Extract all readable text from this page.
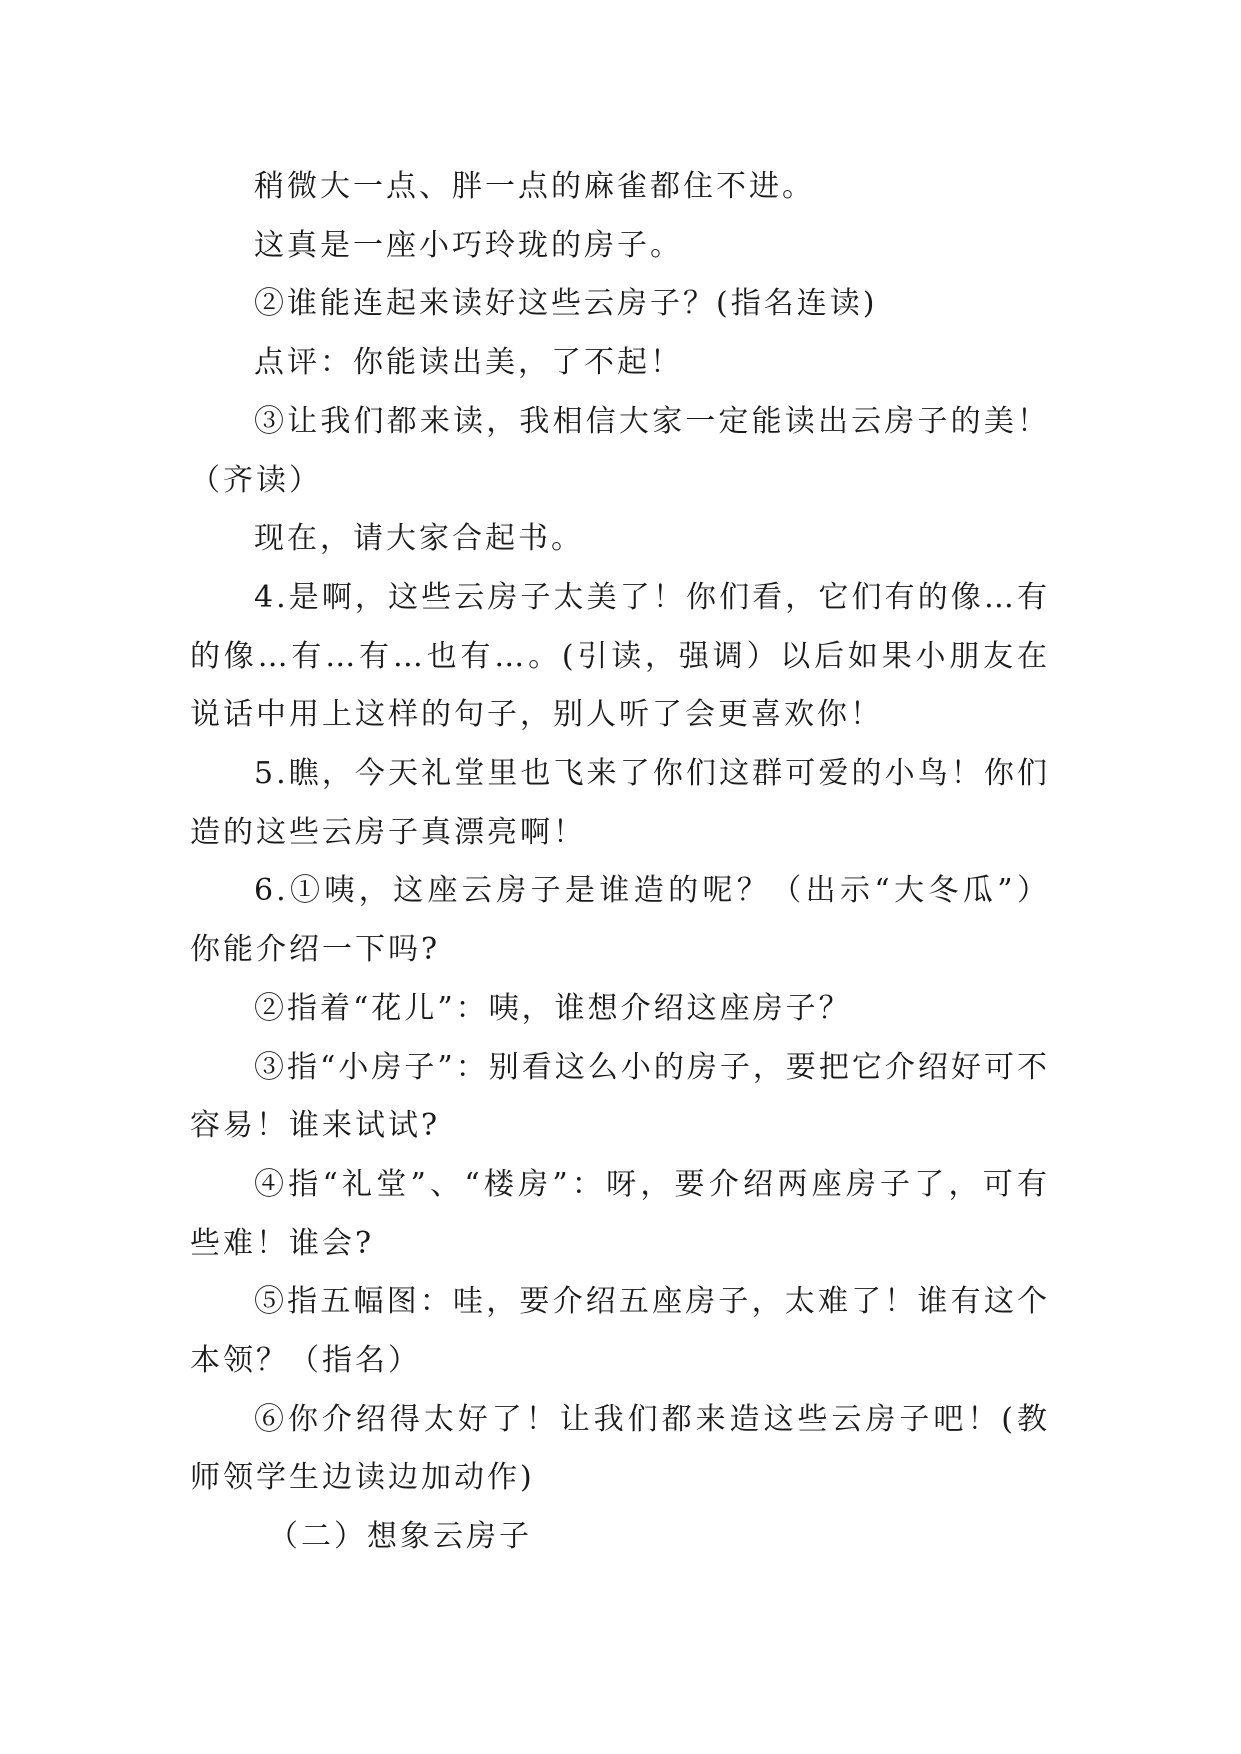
稍微大一点、胖一点的麻雀都住不进。

这真是一座小巧玲珑的房子。

②谁能连起来读好这些云房子？(指名连读)

点评：你能读出美，了不起！

③让我们都来读，我相信大家一定能读出云房子的美！（齐读）

现在，请大家合起书。

4.是啊，这些云房子太美了！你们看，它们有的像…有的像…有…有…也有…。(引读，强调）以后如果小朋友在说话中用上这样的句子，别人听了会更喜欢你！

5.瞧，今天礼堂里也飞来了你们这群可爱的小鸟！你们造的这些云房子真漂亮啊！

6.①咦，这座云房子是谁造的呢？（出示“大冬瓜”）你能介绍一下吗?

②指着“花儿”：咦，谁想介绍这座房子？

③指“小房子”：别看这么小的房子，要把它介绍好可不容易！谁来试试?

④指“礼堂”、“楼房”：呀，要介绍两座房子了，可有些难！谁会?

⑤指五幅图：哇，要介绍五座房子，太难了！谁有这个本领？（指名）

⑥你介绍得太好了！让我们都来造这些云房子吧！(教师领学生边读边加动作)

（二）想象云房子
